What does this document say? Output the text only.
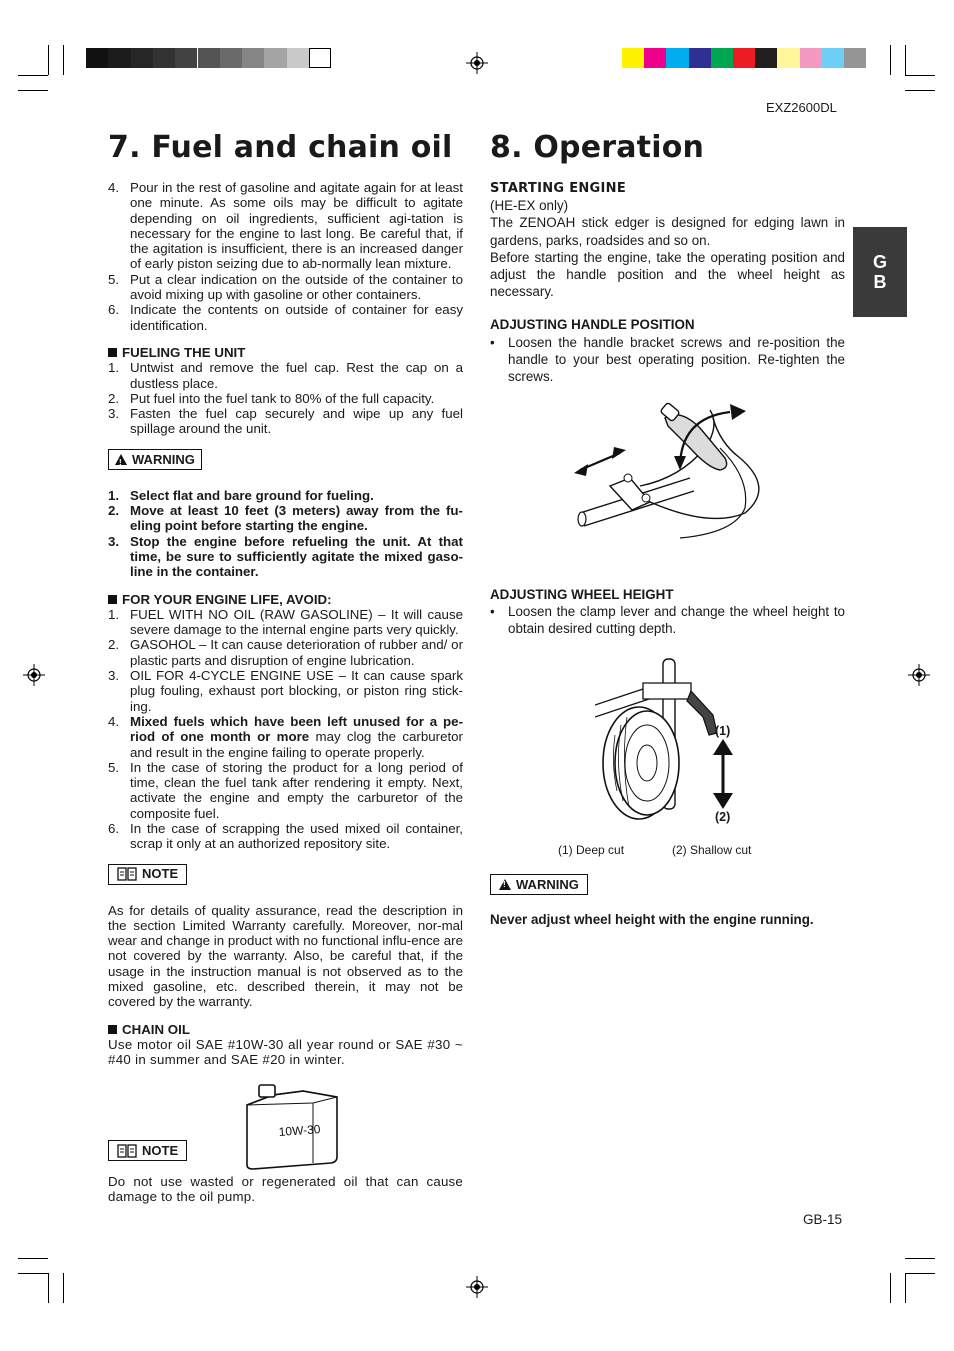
EXZ2600DL
7. Fuel and chain oil
4. Pour in the rest of gasoline and agitate again for at least one minute. As some oils may be difficult to agitate depending on oil ingredients, sufficient agi-tation is necessary for the engine to last long. Be careful that, if the agitation is insufficient, there is an increased danger of early piston seizing due to ab-normally lean mixture.
5. Put a clear indication on the outside of the container to avoid mixing up with gasoline or other containers.
6. Indicate the contents on outside of container for easy identification.
FUELING THE UNIT
1. Untwist and remove the fuel cap. Rest the cap on a dustless place.
2. Put fuel into the fuel tank to 80% of the full capacity.
3. Fasten the fuel cap securely and wipe up any fuel spillage around the unit.
!
WARNING
1. Select flat and bare ground for fueling.
2. Move at least 10 feet (3 meters) away from the fu-eling point before starting the engine.
3. Stop the engine before refueling the unit. At that time, be sure to sufficiently agitate the mixed gaso-line in the container.
FOR YOUR ENGINE LIFE, AVOID:
1. FUEL WITH NO OIL (RAW GASOLINE) – It will cause severe damage to the internal engine parts very quickly.
2. GASOHOL – It can cause deterioration of rubber and/ or plastic parts and disruption of engine lubrication.
3. OIL FOR 4-CYCLE ENGINE USE – It can cause spark plug fouling, exhaust port blocking, or piston ring stick-ing.
4. Mixed fuels which have been left unused for a pe-riod of one month or more may clog the carburetor and result in the engine failing to operate properly.
5. In the case of storing the product for a long period of time, clean the fuel tank after rendering it empty. Next, activate the engine and empty the carburetor of the composite fuel.
6. In the case of scrapping the used mixed oil container, scrap it only at an authorized repository site.
NOTE

As for details of quality assurance, read the description in the section Limited Warranty carefully. Moreover, nor-mal wear and change in product with no functional influ-ence are not covered by the warranty. Also, be careful that, if the usage in the instruction manual is not observed as to the mixed gasoline, etc. described therein, it may not be covered by the warranty.

CHAIN OIL

Use motor oil SAE #10W-30 all year round or SAE #30 ~ #40 in summer and SAE #20 in winter.

10W-30
NOTE

Do not use wasted or regenerated oil that can cause damage to the oil pump.

8. Operation
STARTING ENGINE

(HE-EX only)

The ZENOAH stick edger is designed for edging lawn in gardens, parks, roadsides and so on.

Before starting the engine, take the operating position and adjust the handle position and the wheel height as necessary.

ADJUSTING HANDLE POSITION
• Loosen the handle bracket screws and re-position the handle to your best operating position. Re-tighten the screws.
ADJUSTING WHEEL HEIGHT
• Loosen the clamp lever and change the wheel height to obtain desired cutting depth.
(1)
(2)
(1) Deep cut	(2) Shallow cut
!
WARNING
Never adjust wheel height with the engine running.
G
B
GB-15
